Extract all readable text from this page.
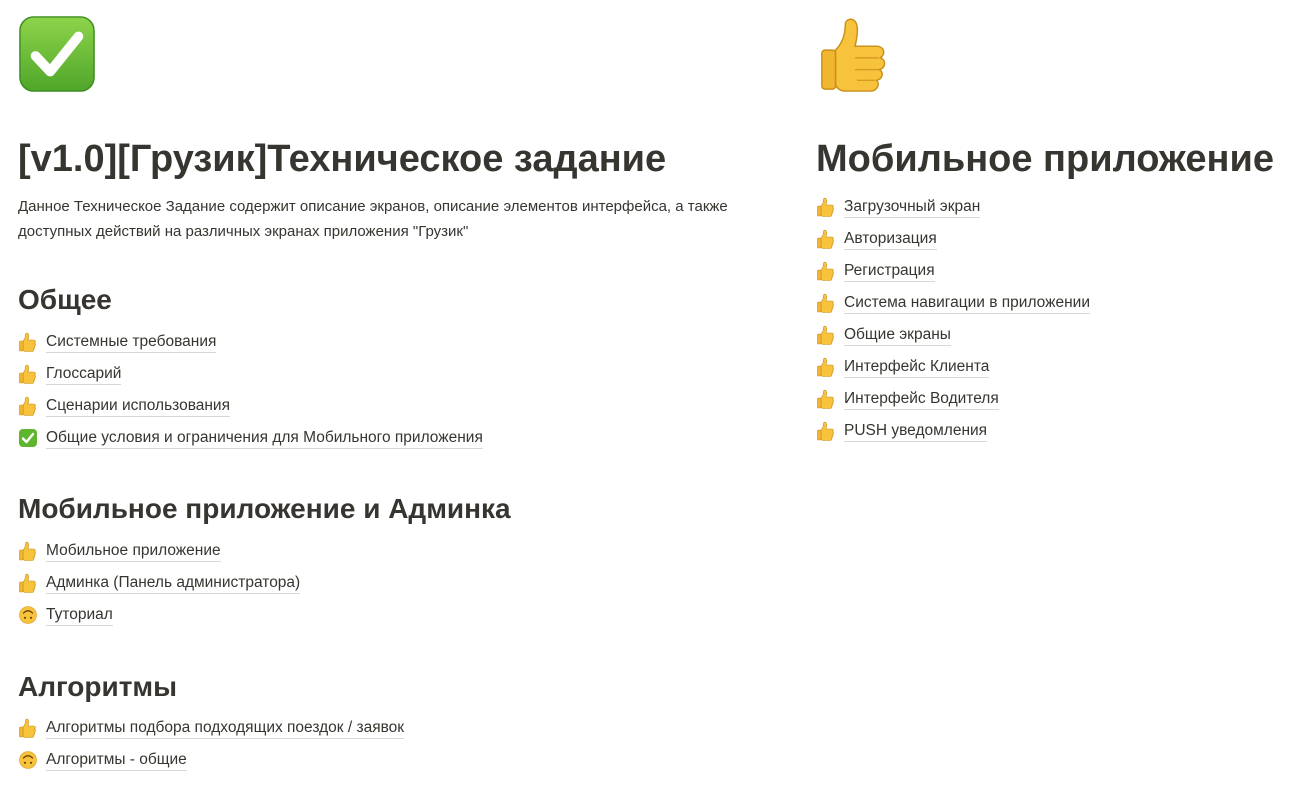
[v1.0][Грузик]Техническое задание

Данное Техническое Задание содержит описание экранов, описание элементов интерфейса, а также доступных действий на различных экранах приложения "Грузик"

Общее
Системные требования
Глоссарий
Сценарии использования
Общие условия и ограничения для Мобильного приложения
Мобильное приложение и Админка
Мобильное приложение
Админка (Панель администратора)
Туториал
Алгоритмы
Алгоритмы подбора подходящих поездок / заявок
Алгоритмы - общие
Мобильное приложение
Загрузочный экран
Авторизация
Регистрация
Система навигации в приложении
Общие экраны
Интерфейс Клиента
Интерфейс Водителя
PUSH уведомления
